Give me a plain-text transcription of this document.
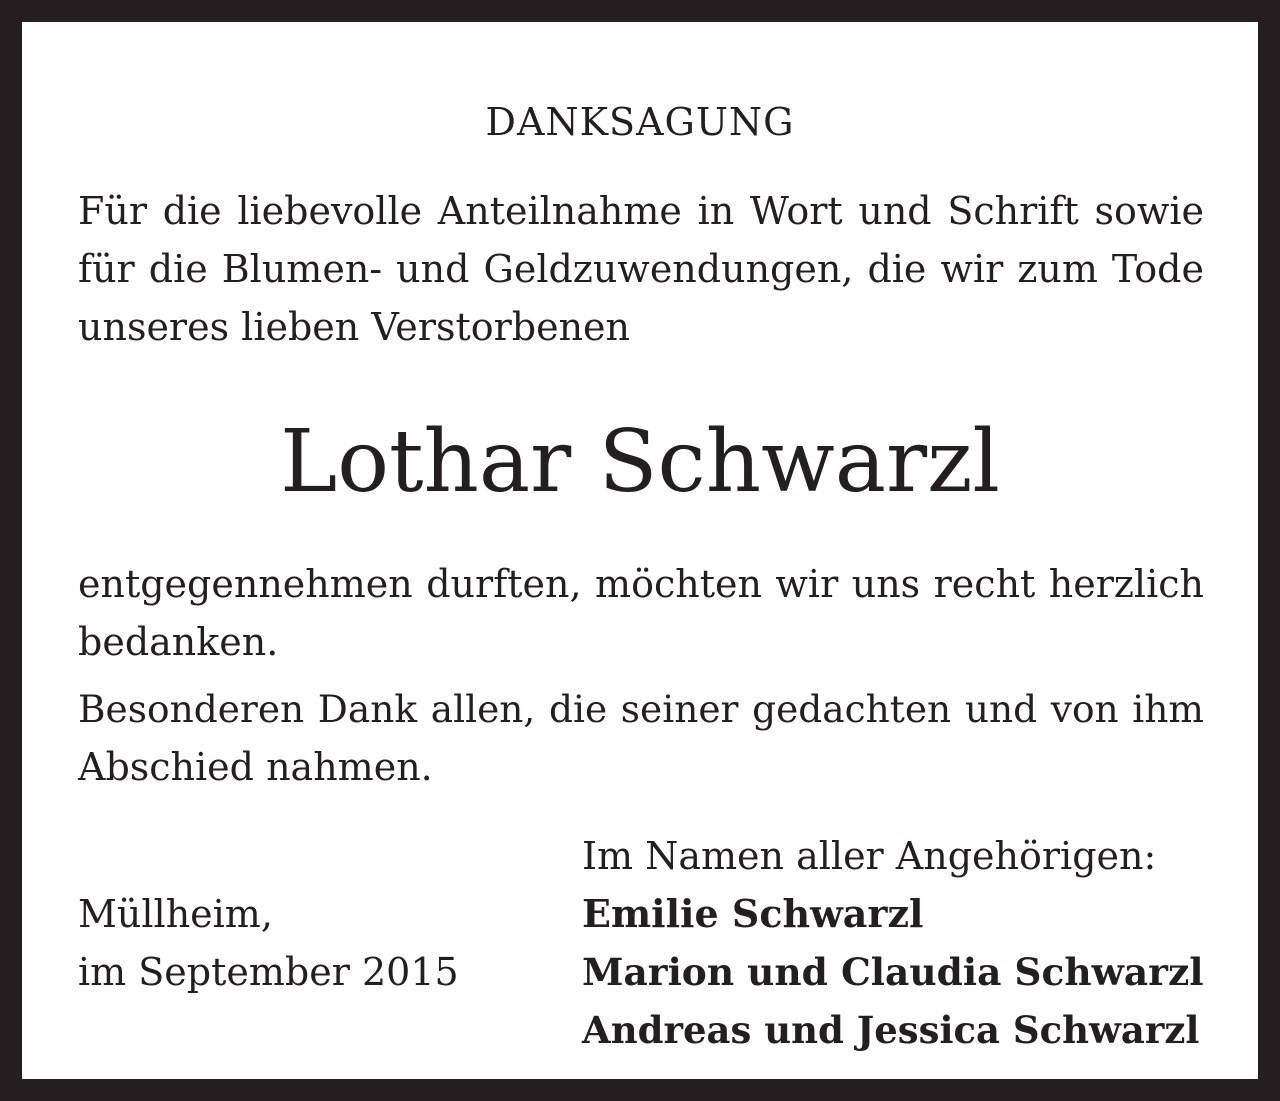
DANKSAGUNG
Für die liebevolle Anteilnahme in Wort und Schrift sowie
für die Blumen- und Geldzuwendungen, die wir zum Tode
unseres lieben Verstorbenen
Lothar Schwarzl
entgegennehmen durften, möchten wir uns recht herzlich
bedanken.
Besonderen Dank allen, die seiner gedachten und von ihm
Abschied nahmen.
Müllheim,
im September 2015
Im Namen aller Angehörigen:
Emilie Schwarzl
Marion und Claudia Schwarzl
Andreas und Jessica Schwarzl
